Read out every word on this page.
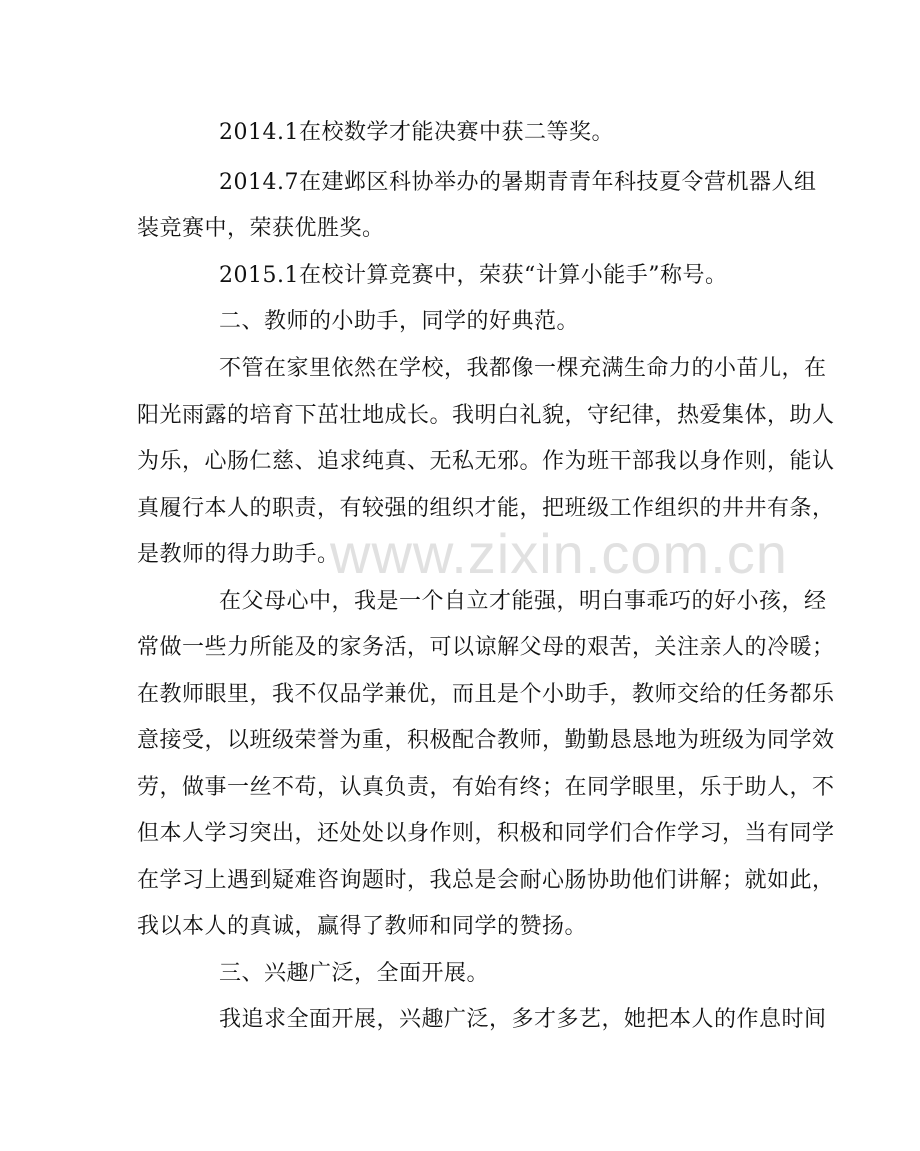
2014.1在校数学才能决赛中获二等奖。
2014.7在建邺区科协举办的暑期青青年科技夏令营机器人组
装竞赛中，荣获优胜奖。
2015.1在校计算竞赛中，荣获“计算小能手”称号。
二、教师的小助手，同学的好典范。
不管在家里依然在学校，我都像一棵充满生命力的小苗儿，在
阳光雨露的培育下茁壮地成长。我明白礼貌，守纪律，热爱集体，助人
为乐，心肠仁慈、追求纯真、无私无邪。作为班干部我以身作则，能认
真履行本人的职责，有较强的组织才能，把班级工作组织的井井有条，
是教师的得力助手。
在父母心中，我是一个自立才能强，明白事乖巧的好小孩，经
常做一些力所能及的家务活，可以谅解父母的艰苦，关注亲人的冷暖；
在教师眼里，我不仅品学兼优，而且是个小助手，教师交给的任务都乐
意接受，以班级荣誉为重，积极配合教师，勤勤恳恳地为班级为同学效
劳，做事一丝不苟，认真负责，有始有终；在同学眼里，乐于助人，不
但本人学习突出，还处处以身作则，积极和同学们合作学习，当有同学
在学习上遇到疑难咨询题时，我总是会耐心肠协助他们讲解；就如此，
我以本人的真诚，赢得了教师和同学的赞扬。
三、兴趣广泛，全面开展。
我追求全面开展，兴趣广泛，多才多艺，她把本人的作息时间
www.zixin.com.cn
